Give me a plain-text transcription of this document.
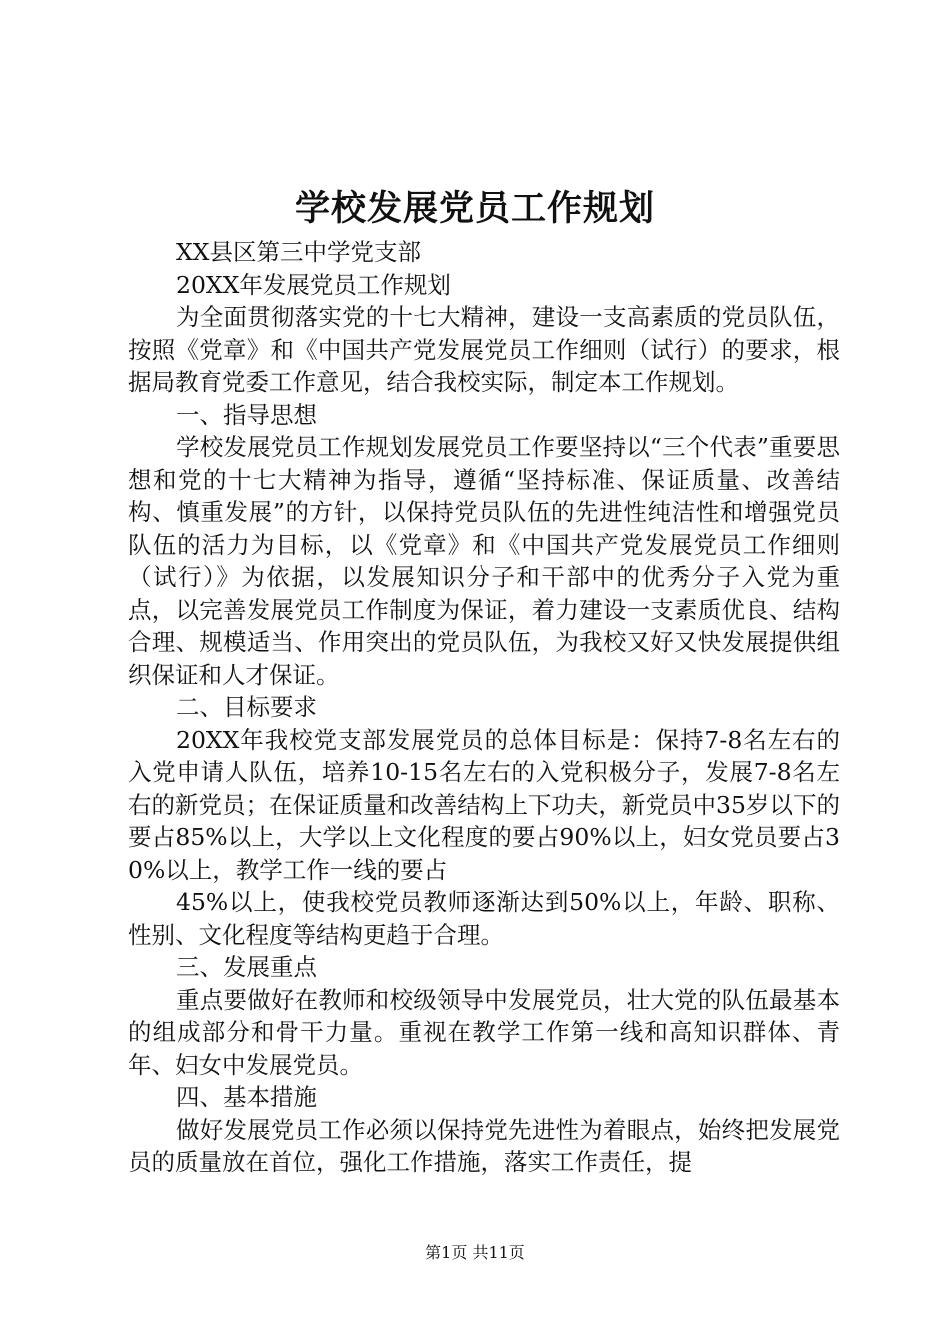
学校发展党员工作规划

XX县区第三中学党支部

20XX年发展党员工作规划

为全面贯彻落实党的十七大精神，建设一支高素质的党员队伍，按照《党章》和《中国共产党发展党员工作细则（试行）的要求，根据局教育党委工作意见，结合我校实际，制定本工作规划。

一、指导思想

学校发展党员工作规划发展党员工作要坚持以“三个代表”重要思想和党的十七大精神为指导，遵循“坚持标准、保证质量、改善结构、慎重发展”的方针，以保持党员队伍的先进性纯洁性和增强党员队伍的活力为目标，以《党章》和《中国共产党发展党员工作细则（试行）》为依据，以发展知识分子和干部中的优秀分子入党为重点，以完善发展党员工作制度为保证，着力建设一支素质优良、结构合理、规模适当、作用突出的党员队伍，为我校又好又快发展提供组织保证和人才保证。

二、目标要求

20XX年我校党支部发展党员的总体目标是：保持7-8名左右的入党申请人队伍，培养10-15名左右的入党积极分子，发展7-8名左右的新党员；在保证质量和改善结构上下功夫，新党员中35岁以下的要占85%以上，大学以上文化程度的要占90%以上，妇女党员要占30%以上，教学工作一线的要占

45%以上，使我校党员教师逐渐达到50%以上，年龄、职称、性别、文化程度等结构更趋于合理。

三、发展重点

重点要做好在教师和校级领导中发展党员，壮大党的队伍最基本的组成部分和骨干力量。重视在教学工作第一线和高知识群体、青年、妇女中发展党员。

四、基本措施

做好发展党员工作必须以保持党先进性为着眼点，始终把发展党员的质量放在首位，强化工作措施，落实工作责任，提

第1页 共11页
